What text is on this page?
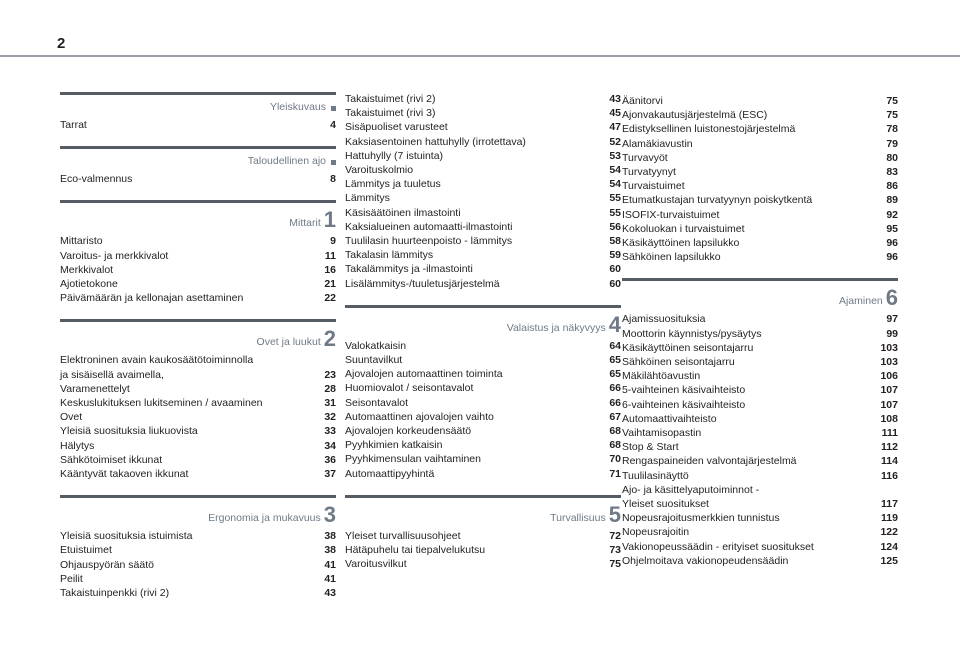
2
Yleiskuvaus
Tarrat	4
Taloudellinen ajo
Eco-valmennus	8
Mittarit 1
Mittaristo	9
Varoitus- ja merkkivalot	11
Merkkivalot	16
Ajotietokone	21
Päivämäärän ja kellonajan asettaminen	22
Ovet ja luukut 2
Elektroninen avain kaukosäätötoiminnolla
ja sisäisellä avaimella,	23
Varamenettelyt	28
Keskuslukituksen lukitseminen / avaaminen	31
Ovet	32
Yleisiä suosituksia liukuovista	33
Hälytys	34
Sähkötoimiset ikkunat	36
Kääntyvät takaoven ikkunat	37
Ergonomia ja mukavuus 3
Yleisiä suosituksia istuimista	38
Etuistuimet	38
Ohjauspyörän säätö	41
Peilit	41
Takaistuinpenkki (rivi 2)	43
Takaistuimet (rivi 2)	43
Takaistuimet (rivi 3)	45
Sisäpuoliset varusteet	47
Kaksiasentoinen hattuhylly (irrotettava)	52
Hattuhylly (7 istuinta)	53
Varoituskolmio	54
Lämmitys ja tuuletus	54
Lämmitys	55
Käsisäätöinen ilmastointi	55
Kaksialueinen automaatti-ilmastointi	56
Tuulilasin huurteenpoisto - lämmitys	58
Takalasin lämmitys	59
Takalämmitys ja -ilmastointi	60
Lisälämmitys-/tuuletusjärjestelmä	60
Valaistus ja näkyvyys 4
Valokatkaisin	64
Suuntavilkut	65
Ajovalojen automaattinen toiminta	65
Huomiovalot / seisontavalot	66
Seisontavalot	66
Automaattinen ajovalojen vaihto	67
Ajovalojen korkeudensäätö	68
Pyyhkimien katkaisin	68
Pyyhkimensulan vaihtaminen	70
Automaattipyyhintä	71
Turvallisuus 5
Yleiset turvallisuusohjeet	72
Hätäpuhelu tai tiepalvelukutsu	73
Varoitusvilkut	75
Äänitorvi	75
Ajonvakautusjärjestelmä (ESC)	75
Edistyksellinen luistonestojärjestelmä	78
Alamäkiavustin	79
Turvavyöt	80
Turvatyynyt	83
Turvaistuimet	86
Etumatkustajan turvatyynyn poiskytkentä	89
ISOFIX-turvaistuimet	92
Kokoluokan i turvaistuimet	95
Käsikäyttöinen lapsilukko	96
Sähköinen lapsilukko	96
Ajaminen 6
Ajamissuosituksia	97
Moottorin käynnistys/pysäytys	99
Käsikäyttöinen seisontajarru	103
Sähköinen seisontajarru	103
Mäkilähtöavustin	106
5-vaihteinen käsivaihteisto	107
6-vaihteinen käsivaihteisto	107
Automaattivaihteisto	108
Vaihtamisopastin	111
Stop & Start	112
Rengaspaineiden valvontajärjestelmä	114
Tuulilasinäyttö	116
Ajo- ja käsittelyaputoiminnot -
Yleiset suositukset	117
Nopeusrajoitusmerkkien tunnistus	119
Nopeusrajoitin	122
Vakionopeussäädin - erityiset suositukset	124
Ohjelmoitava vakionopeudensäädin	125
